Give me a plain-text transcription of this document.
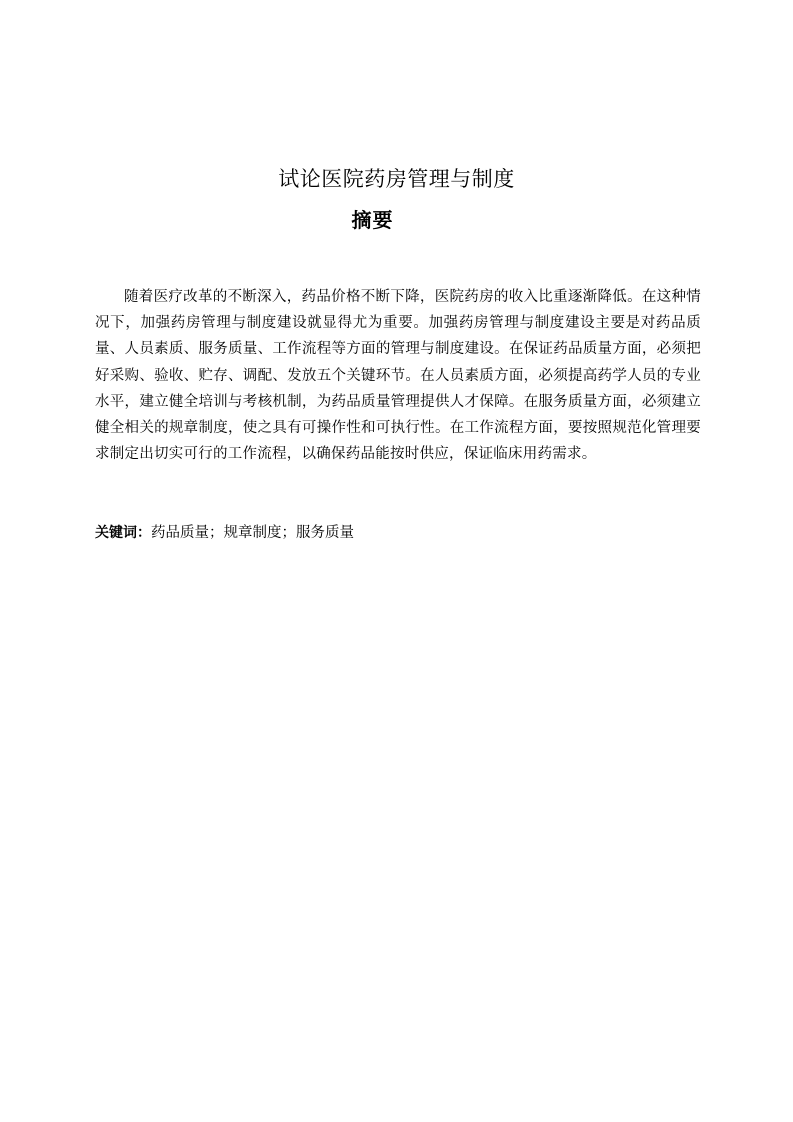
试论医院药房管理与制度
摘要

随着医疗改革的不断深入，药品价格不断下降，医院药房的收入比重逐渐降低。在这种情况下，加强药房管理与制度建设就显得尤为重要。加强药房管理与制度建设主要是对药品质量、人员素质、服务质量、工作流程等方面的管理与制度建设。在保证药品质量方面，必须把好采购、验收、贮存、调配、发放五个关键环节。在人员素质方面，必须提高药学人员的专业水平，建立健全培训与考核机制，为药品质量管理提供人才保障。在服务质量方面，必须建立健全相关的规章制度，使之具有可操作性和可执行性。在工作流程方面，要按照规范化管理要求制定出切实可行的工作流程，以确保药品能按时供应，保证临床用药需求。

关键词：药品质量；规章制度；服务质量
